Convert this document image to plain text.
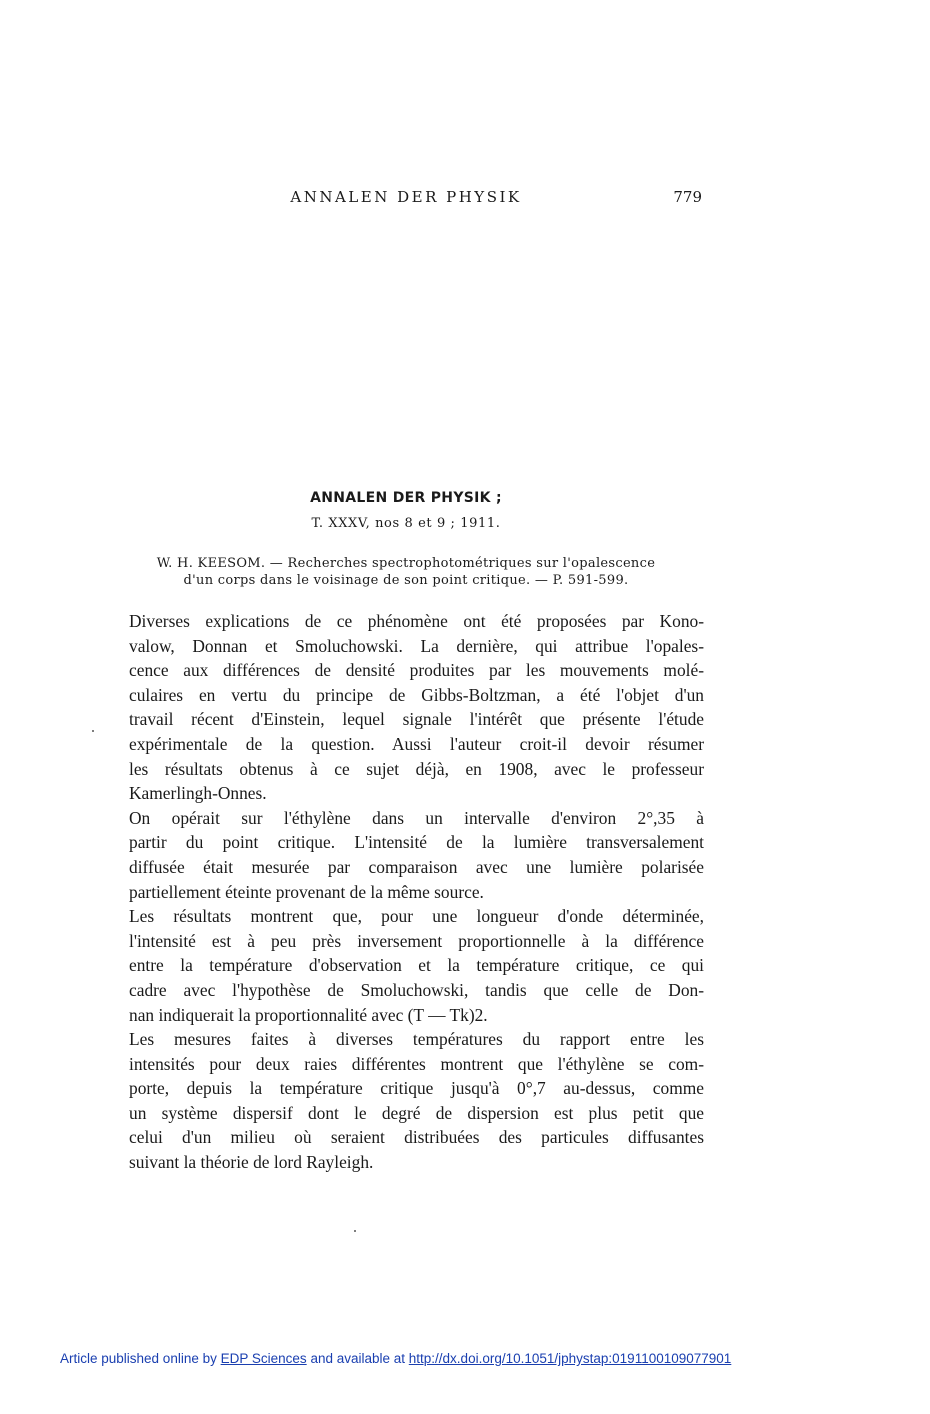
ANNALEN DER PHYSIK	779
ANNALEN DER PHYSIK ;
T. XXXV, nos 8 et 9 ; 1911.
W. H. KEESOM. — Recherches spectrophotométriques sur l'opalescence
d'un corps dans le voisinage de son point critique. — P. 591-599.

Diverses explications de ce phénomène ont été proposées par Kono-
valow, Donnan et Smoluchowski. La dernière, qui attribue l'opales-
cence aux différences de densité produites par les mouvements molé-
culaires en vertu du principe de Gibbs-Boltzman, a été l'objet d'un
travail récent d'Einstein, lequel signale l'intérêt que présente l'étude
expérimentale de la question. Aussi l'auteur croit-il devoir résumer
les résultats obtenus à ce sujet déjà, en 1908, avec le professeur
Kamerlingh-Onnes.

On opérait sur l'éthylène dans un intervalle d'environ 2°,35 à
partir du point critique. L'intensité de la lumière transversalement
diffusée était mesurée par comparaison avec une lumière polarisée
partiellement éteinte provenant de la même source.

Les résultats montrent que, pour une longueur d'onde déterminée,
l'intensité est à peu près inversement proportionnelle à la différence
entre la température d'observation et la température critique, ce qui
cadre avec l'hypothèse de Smoluchowski, tandis que celle de Don-
nan indiquerait la proportionnalité avec (T — Tk)2.

Les mesures faites à diverses températures du rapport entre les
intensités pour deux raies différentes montrent que l'éthylène se com-
porte, depuis la température critique jusqu'à 0°,7 au-dessus, comme
un système dispersif dont le degré de dispersion est plus petit que
celui d'un milieu où seraient distribuées des particules diffusantes
suivant la théorie de lord Rayleigh.

Article published online by EDP Sciences and available at http://dx.doi.org/10.1051/jphystap:0191100109077901
